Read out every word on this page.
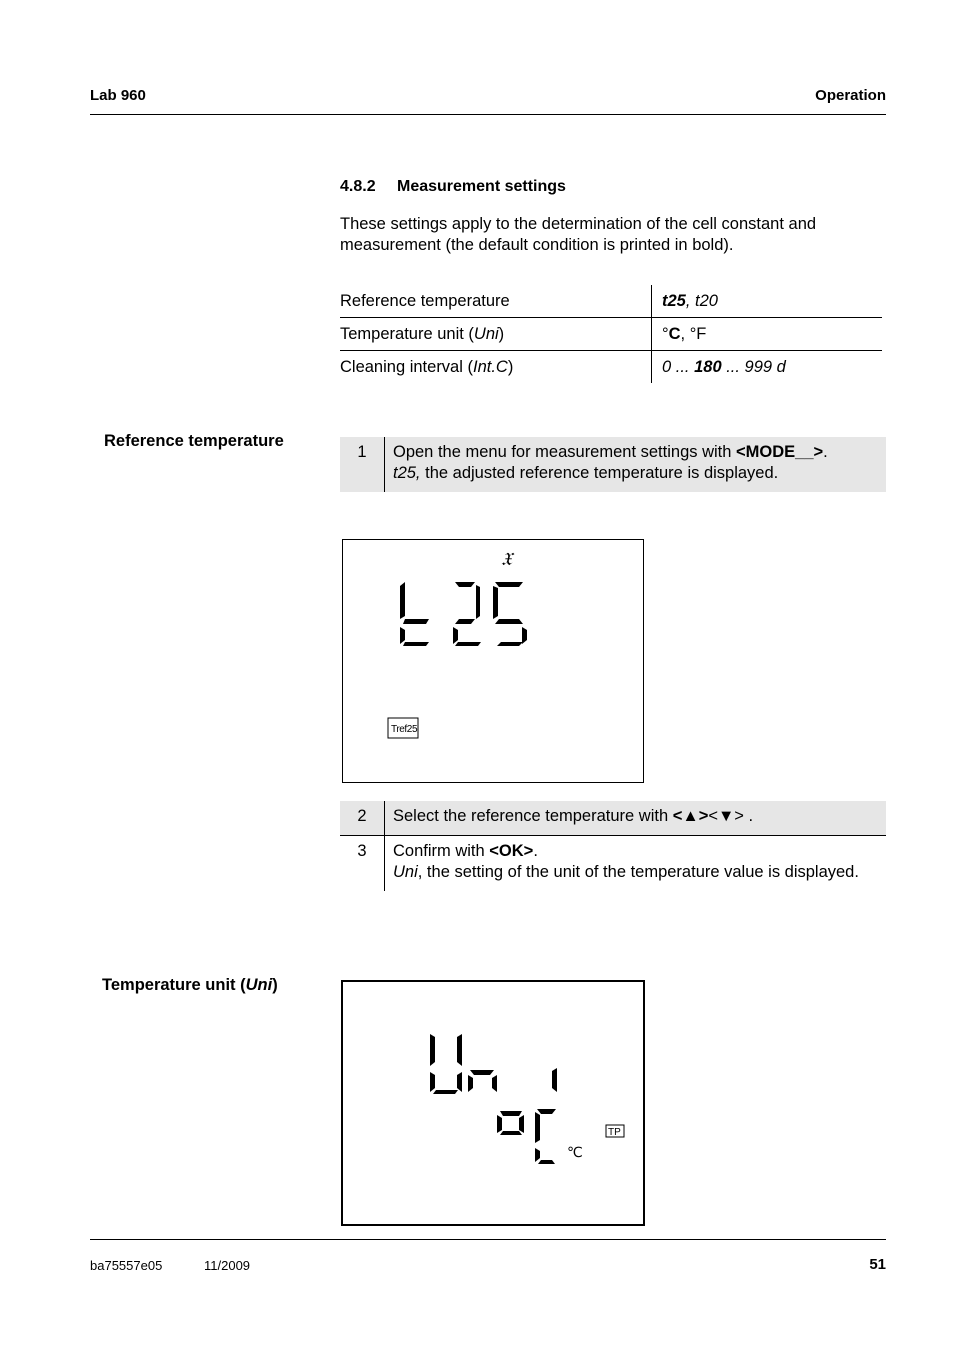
Lab 960	Operation
4.8.2 Measurement settings
These settings apply to the determination of the cell constant and measurement (the default condition is printed in bold).
Reference temperature	t25, t20
Temperature unit (Uni)	°C, °F
Cleaning interval (Int.C)	0 ... 180 ... 999 d
Reference temperature
1	Open the menu for measurement settings with <MODE__>.
t25, the adjusted reference temperature is displayed.
𝔛
Tref25
2	Select the reference temperature with <▲><▼> .
3	Confirm with <OK>.
Uni, the setting of the unit of the temperature value is displayed.
Temperature unit (Uni)
℃
TP
ba75557e05	11/2009	51
